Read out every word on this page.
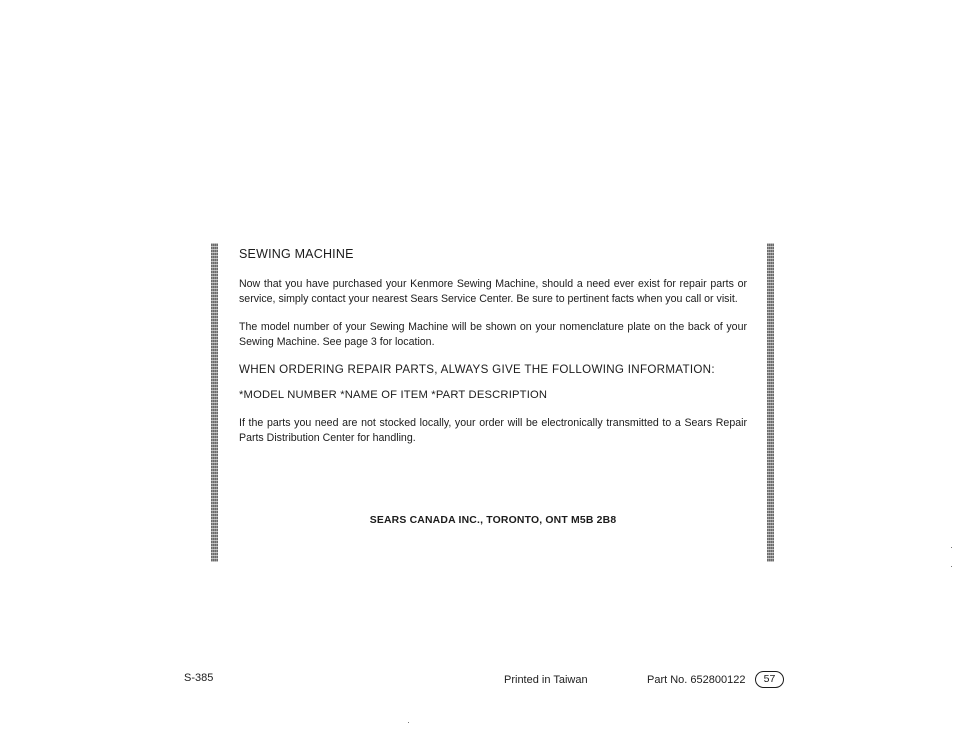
SEWING MACHINE

Now that you have purchased your Kenmore Sewing Machine, should a need ever exist for repair parts or service, simply contact your nearest Sears Service Center. Be sure to pertinent facts when you call or visit.

The model number of your Sewing Machine will be shown on your nomenclature plate on the back of your Sewing Machine. See page 3 for location.

WHEN ORDERING REPAIR PARTS, ALWAYS GIVE THE FOLLOWING INFORMATION:
*MODEL NUMBER *NAME OF ITEM *PART DESCRIPTION

If the parts you need are not stocked locally, your order will be electronically transmitted to a Sears Repair Parts Distribution Center for handling.

SEARS CANADA INC., TORONTO, ONT M5B 2B8
S-385	Printed in Taiwan	Part No. 652800122	57
